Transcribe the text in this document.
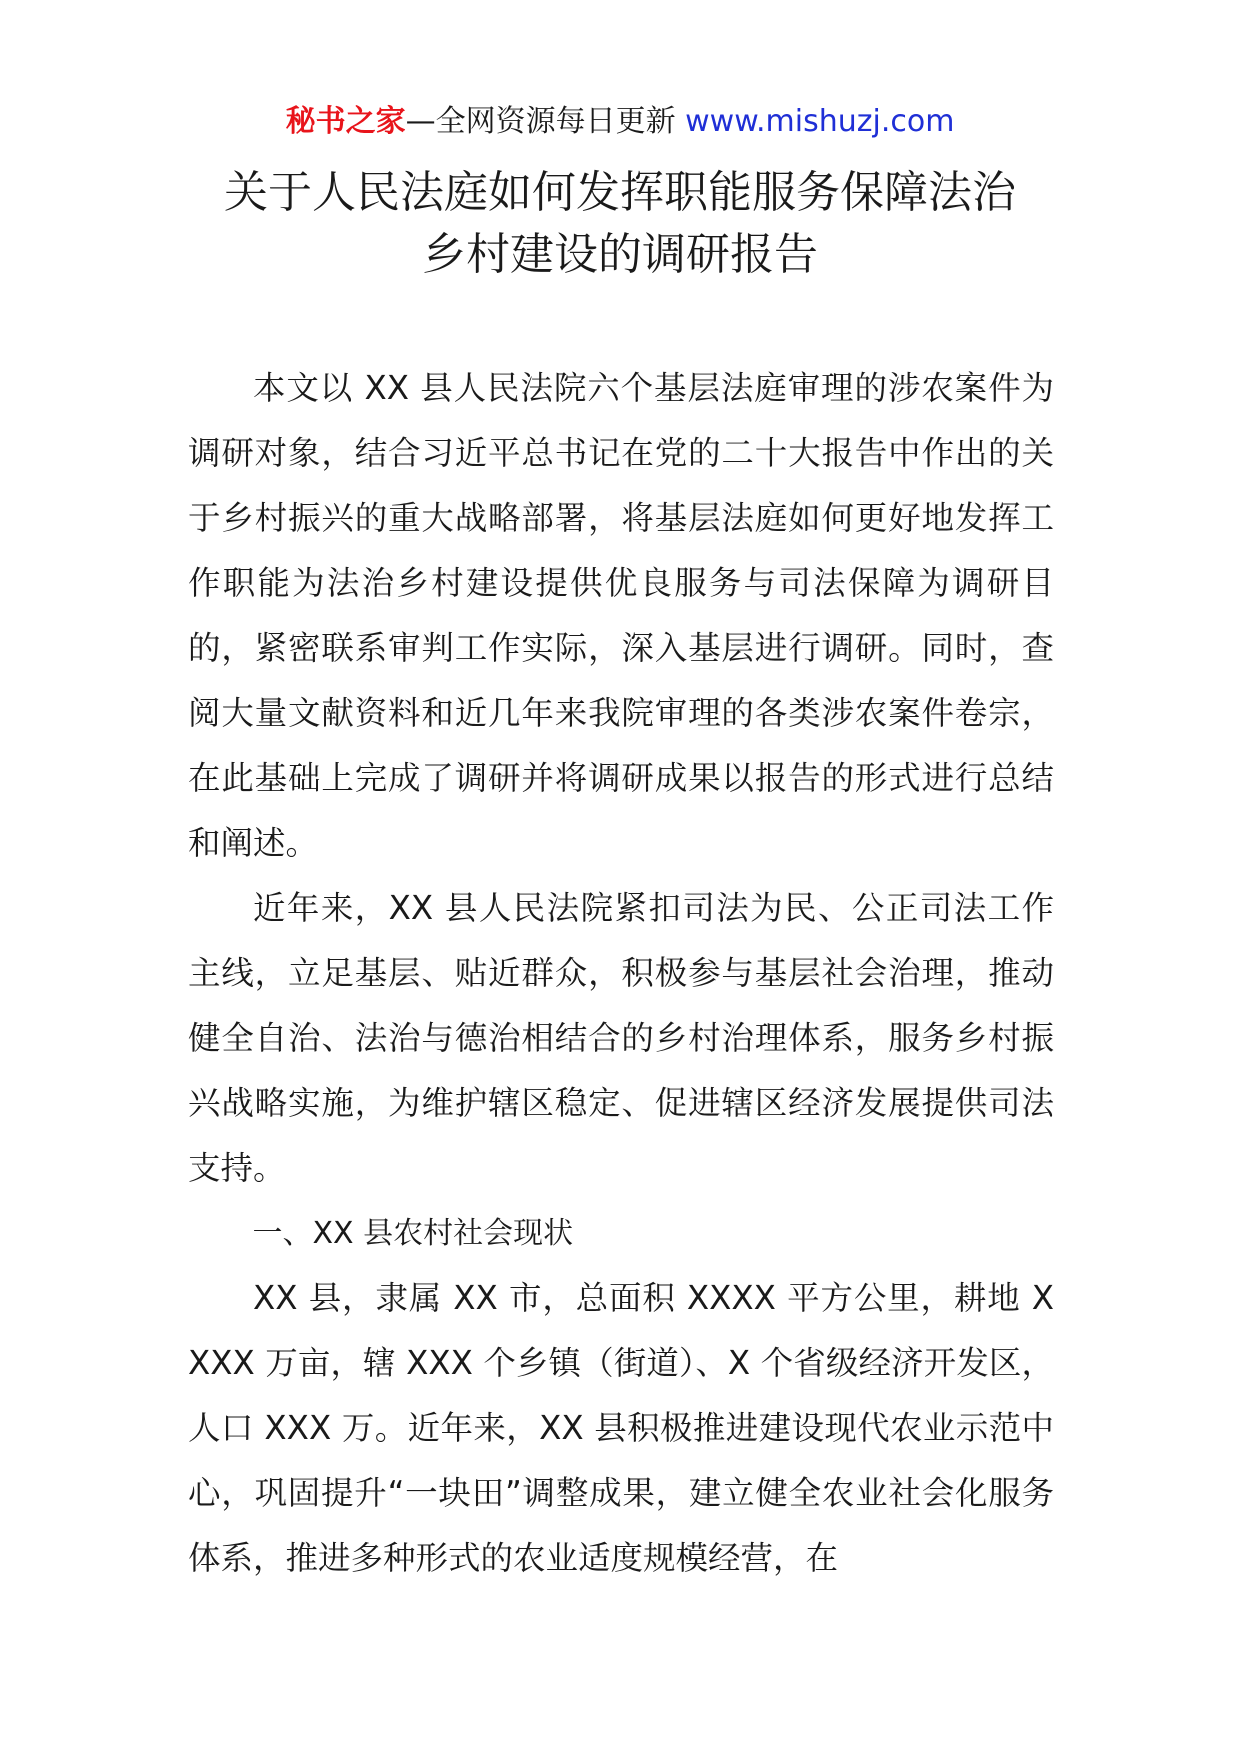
秘书之家—全网资源每日更新 www.mishuzj.com
关于人民法庭如何发挥职能服务保障法治
乡村建设的调研报告

本文以 XX 县人民法院六个基层法庭审理的涉农案件为调研对象，结合习近平总书记在党的二十大报告中作出的关于乡村振兴的重大战略部署，将基层法庭如何更好地发挥工作职能为法治乡村建设提供优良服务与司法保障为调研目的，紧密联系审判工作实际，深入基层进行调研。同时，查阅大量文献资料和近几年来我院审理的各类涉农案件卷宗，在此基础上完成了调研并将调研成果以报告的形式进行总结和阐述。

近年来，XX 县人民法院紧扣司法为民、公正司法工作主线，立足基层、贴近群众，积极参与基层社会治理，推动健全自治、法治与德治相结合的乡村治理体系，服务乡村振兴战略实施，为维护辖区稳定、促进辖区经济发展提供司法支持。

一、XX 县农村社会现状

XX 县，隶属 XX 市，总面积 XXXX 平方公里，耕地 XXXX 万亩，辖 XXX 个乡镇（街道）、X 个省级经济开发区，人口 XXX 万。近年来，XX 县积极推进建设现代农业示范中心，巩固提升“一块田”调整成果，建立健全农业社会化服务体系，推进多种形式的农业适度规模经营，在
